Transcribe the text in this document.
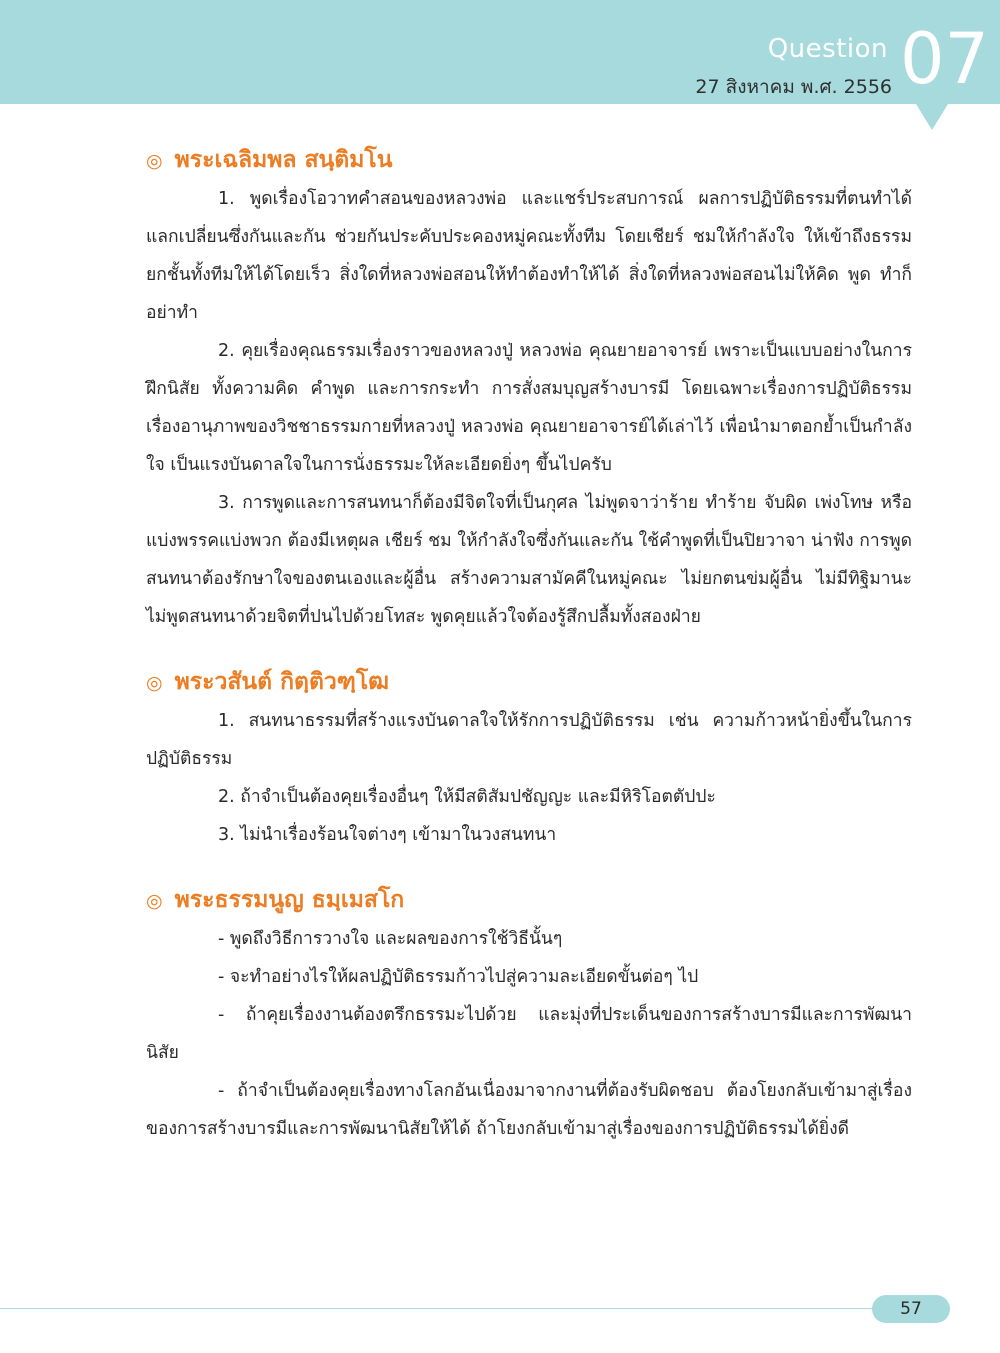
Question
27 สิงหาคม พ.ศ. 2556 07
◎ พระเฉลิมพล สนฺติมโน

1. พูดเรื่องโอวาทคำสอนของหลวงพ่อ และแชร์ประสบการณ์ ผลการปฏิบัติธรรมที่ตนทำได้ แลกเปลี่ยนซึ่งกันและกัน ช่วยกันประคับประคองหมู่คณะทั้งทีม โดยเชียร์ ชมให้กำลังใจ ให้เข้าถึงธรรมยกชั้นทั้งทีมให้ได้โดยเร็ว สิ่งใดที่หลวงพ่อสอนให้ทำต้องทำให้ได้ สิ่งใดที่หลวงพ่อสอนไม่ให้คิด พูด ทำก็อย่าทำ

2. คุยเรื่องคุณธรรมเรื่องราวของหลวงปู่ หลวงพ่อ คุณยายอาจารย์ เพราะเป็นแบบอย่างในการฝึกนิสัย ทั้งความคิด คำพูด และการกระทำ การสั่งสมบุญสร้างบารมี โดยเฉพาะเรื่องการปฏิบัติธรรม เรื่องอานุภาพของวิชชาธรรมกายที่หลวงปู่ หลวงพ่อ คุณยายอาจารย์ได้เล่าไว้ เพื่อนำมาตอกย้ำเป็นกำลังใจ เป็นแรงบันดาลใจในการนั่งธรรมะให้ละเอียดยิ่งๆ ขึ้นไปครับ

3. การพูดและการสนทนาก็ต้องมีจิตใจที่เป็นกุศล ไม่พูดจาว่าร้าย ทำร้าย จับผิด เพ่งโทษ หรือแบ่งพรรคแบ่งพวก ต้องมีเหตุผล เชียร์ ชม ให้กำลังใจซึ่งกันและกัน ใช้คำพูดที่เป็นปิยวาจา น่าฟัง การพูดสนทนาต้องรักษาใจของตนเองและผู้อื่น สร้างความสามัคคีในหมู่คณะ ไม่ยกตนข่มผู้อื่น ไม่มีทิฐิมานะ ไม่พูดสนทนาด้วยจิตที่ปนไปด้วยโทสะ พูดคุยแล้วใจต้องรู้สึกปลื้มทั้งสองฝ่าย

◎ พระวสันต์ กิตฺติวฑฺโฒ

1. สนทนาธรรมที่สร้างแรงบันดาลใจให้รักการปฏิบัติธรรม เช่น ความก้าวหน้ายิ่งขึ้นในการปฏิบัติธรรม

2. ถ้าจำเป็นต้องคุยเรื่องอื่นๆ ให้มีสติสัมปชัญญะ และมีหิริโอตตัปปะ

3. ไม่นำเรื่องร้อนใจต่างๆ เข้ามาในวงสนทนา

◎ พระธรรมนูญ ธมฺเมสโก

- พูดถึงวิธีการวางใจ และผลของการใช้วิธีนั้นๆ

- จะทำอย่างไรให้ผลปฏิบัติธรรมก้าวไปสู่ความละเอียดขั้นต่อๆ ไป

- ถ้าคุยเรื่องงานต้องตรึกธรรมะไปด้วย และมุ่งที่ประเด็นของการสร้างบารมีและการพัฒนานิสัย

- ถ้าจำเป็นต้องคุยเรื่องทางโลกอันเนื่องมาจากงานที่ต้องรับผิดชอบ ต้องโยงกลับเข้ามาสู่เรื่องของการสร้างบารมีและการพัฒนานิสัยให้ได้ ถ้าโยงกลับเข้ามาสู่เรื่องของการปฏิบัติธรรมได้ยิ่งดี

57
